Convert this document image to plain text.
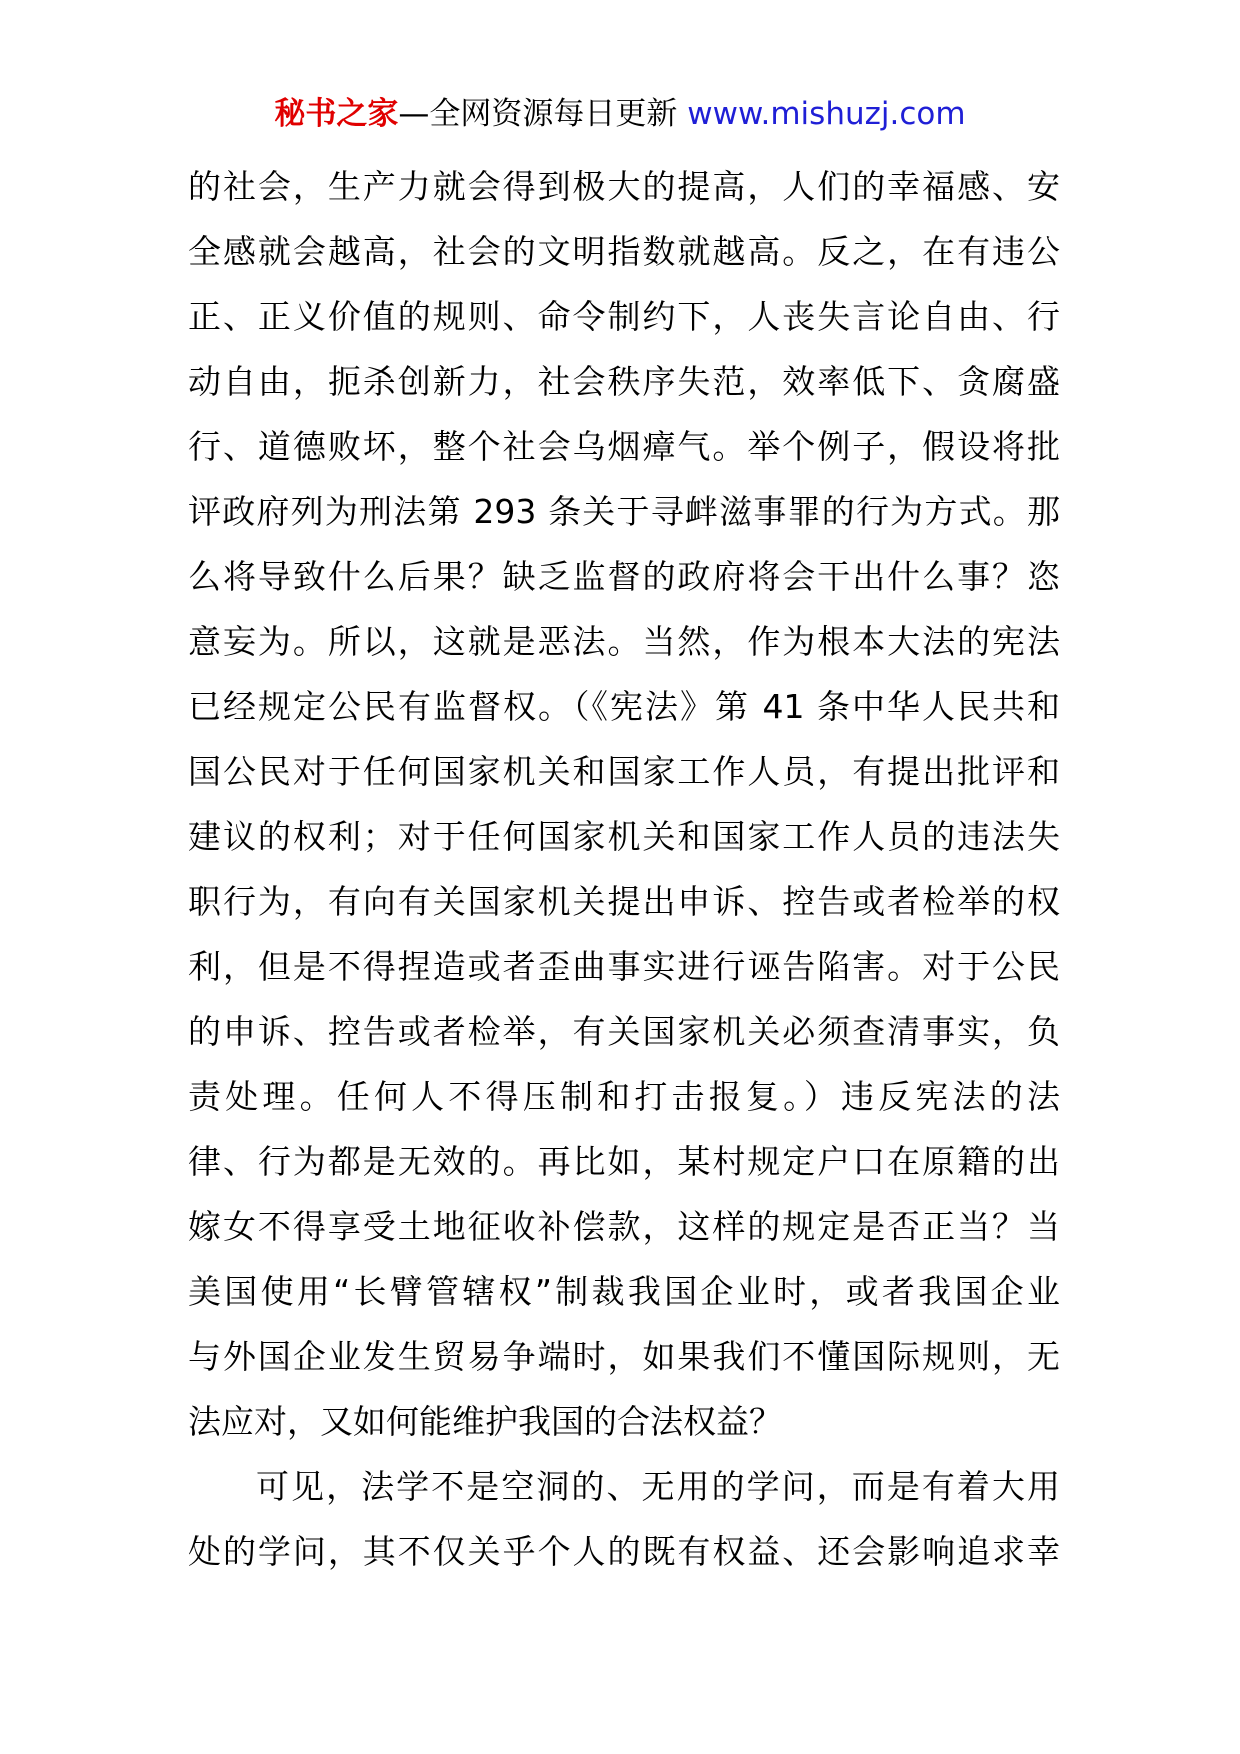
秘书之家—全网资源每日更新 www.mishuzj.com
的社会，生产力就会得到极大的提高，人们的幸福感、安
全感就会越高，社会的文明指数就越高。反之，在有违公
正、正义价值的规则、命令制约下，人丧失言论自由、行
动自由，扼杀创新力，社会秩序失范，效率低下、贪腐盛
行、道德败坏，整个社会乌烟瘴气。举个例子，假设将批
评政府列为刑法第 293 条关于寻衅滋事罪的行为方式。那
么将导致什么后果？缺乏监督的政府将会干出什么事？恣
意妄为。所以，这就是恶法。当然，作为根本大法的宪法
已经规定公民有监督权。（《宪法》第 41 条中华人民共和
国公民对于任何国家机关和国家工作人员，有提出批评和
建议的权利；对于任何国家机关和国家工作人员的违法失
职行为，有向有关国家机关提出申诉、控告或者检举的权
利，但是不得捏造或者歪曲事实进行诬告陷害。对于公民
的申诉、控告或者检举，有关国家机关必须查清事实，负
责处理。任何人不得压制和打击报复。）违反宪法的法
律、行为都是无效的。再比如，某村规定户口在原籍的出
嫁女不得享受土地征收补偿款，这样的规定是否正当？当
美国使用“长臂管辖权”制裁我国企业时，或者我国企业
与外国企业发生贸易争端时，如果我们不懂国际规则，无
法应对，又如何能维护我国的合法权益？
可见，法学不是空洞的、无用的学问，而是有着大用
处的学问，其不仅关乎个人的既有权益、还会影响追求幸
